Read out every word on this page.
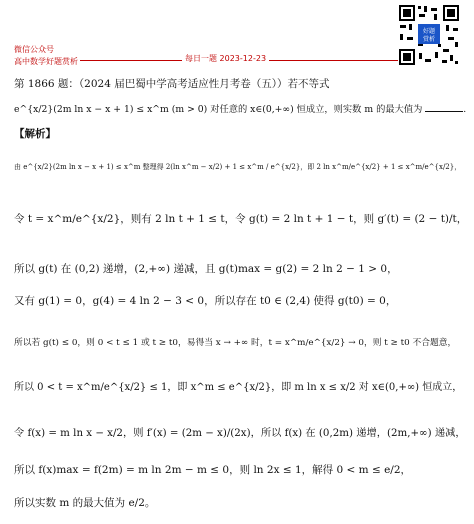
微信公众号
高中数学好题赏析	每日一题 2023-12-23
好题
赏析
第 1866 题：（2024 届巴蜀中学高考适应性月考卷（五））若不等式
e^{x/2}(2m ln x − x + 1) ≤ x^m (m > 0) 对任意的 x∈(0,+∞) 恒成立，则实数 m 的最大值为	.
【解析】
由 e^{x/2}(2m ln x − x + 1) ≤ x^m 整理得 2(ln x^m − x/2) + 1 ≤ x^m / e^{x/2}，即 2 ln x^m/e^{x/2} + 1 ≤ x^m/e^{x/2}，
令 t = x^m/e^{x/2}，则有 2 ln t + 1 ≤ t，令 g(t) = 2 ln t + 1 − t，则 g′(t) = (2 − t)/t，
所以 g(t) 在 (0,2) 递增，(2,+∞) 递减，且 g(t)max = g(2) = 2 ln 2 − 1 > 0，
又有 g(1) = 0，g(4) = 4 ln 2 − 3 < 0，所以存在 t0 ∈ (2,4) 使得 g(t0) = 0，
所以若 g(t) ≤ 0，则 0 < t ≤ 1 或 t ≥ t0，易得当 x → +∞ 时，t = x^m/e^{x/2} → 0，则 t ≥ t0 不合题意，
所以 0 < t = x^m/e^{x/2} ≤ 1，即 x^m ≤ e^{x/2}，即 m ln x ≤ x/2 对 x∈(0,+∞) 恒成立，
令 f(x) = m ln x − x/2，则 f′(x) = (2m − x)/(2x)，所以 f(x) 在 (0,2m) 递增，(2m,+∞) 递减，
所以 f(x)max = f(2m) = m ln 2m − m ≤ 0，则 ln 2x ≤ 1，解得 0 < m ≤ e/2，
所以实数 m 的最大值为 e/2。
